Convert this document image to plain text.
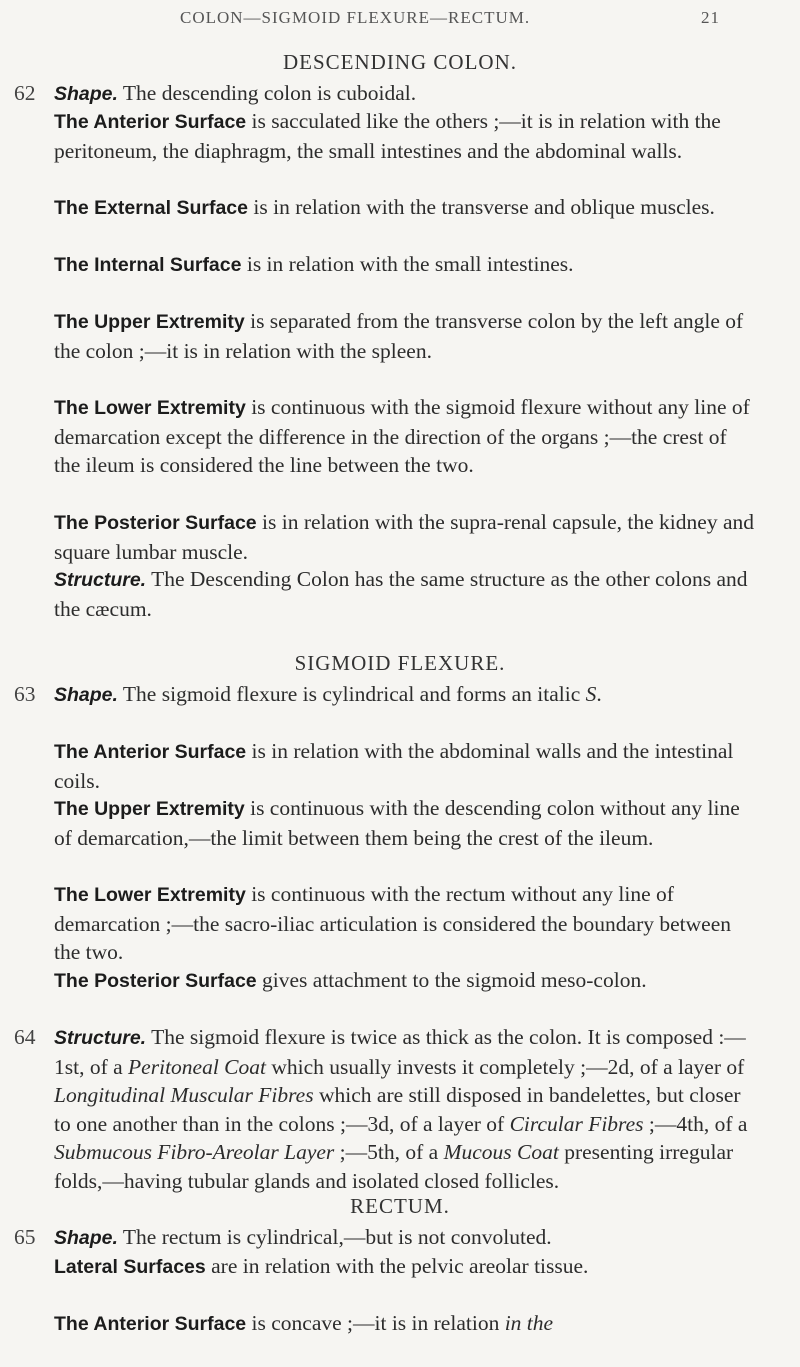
COLON—SIGMOID FLEXURE—RECTUM.	21
DESCENDING COLON.
62 Shape. The descending colon is cuboidal.
The Anterior Surface is sacculated like the others ;—it is in relation with the peritoneum, the diaphragm, the small intestines and the abdominal walls.
The External Surface is in relation with the transverse and oblique muscles.
The Internal Surface is in relation with the small intestines.
The Upper Extremity is separated from the transverse colon by the left angle of the colon ;—it is in relation with the spleen.
The Lower Extremity is continuous with the sigmoid flexure without any line of demarcation except the difference in the direction of the organs ;—the crest of the ileum is considered the line between the two.
The Posterior Surface is in relation with the supra-renal capsule, the kidney and square lumbar muscle.
Structure. The Descending Colon has the same structure as the other colons and the cæcum.
SIGMOID FLEXURE.
63 Shape. The sigmoid flexure is cylindrical and forms an italic S.
The Anterior Surface is in relation with the abdominal walls and the intestinal coils.
The Upper Extremity is continuous with the descending colon without any line of demarcation,—the limit between them being the crest of the ileum.
The Lower Extremity is continuous with the rectum without any line of demarcation ;—the sacro-iliac articulation is considered the boundary between the two.
The Posterior Surface gives attachment to the sigmoid meso-colon.
64 Structure. The sigmoid flexure is twice as thick as the colon. It is composed :—1st, of a Peritoneal Coat which usually invests it completely ;—2d, of a layer of Longitudinal Muscular Fibres which are still disposed in bandelettes, but closer to one another than in the colons ;—3d, of a layer of Circular Fibres ;—4th, of a Submucous Fibro-Areolar Layer ;—5th, of a Mucous Coat presenting irregular folds,—having tubular glands and isolated closed follicles.
RECTUM.
65 Shape. The rectum is cylindrical,—but is not convoluted.
Lateral Surfaces are in relation with the pelvic areolar tissue.
The Anterior Surface is concave ;—it is in relation in the
